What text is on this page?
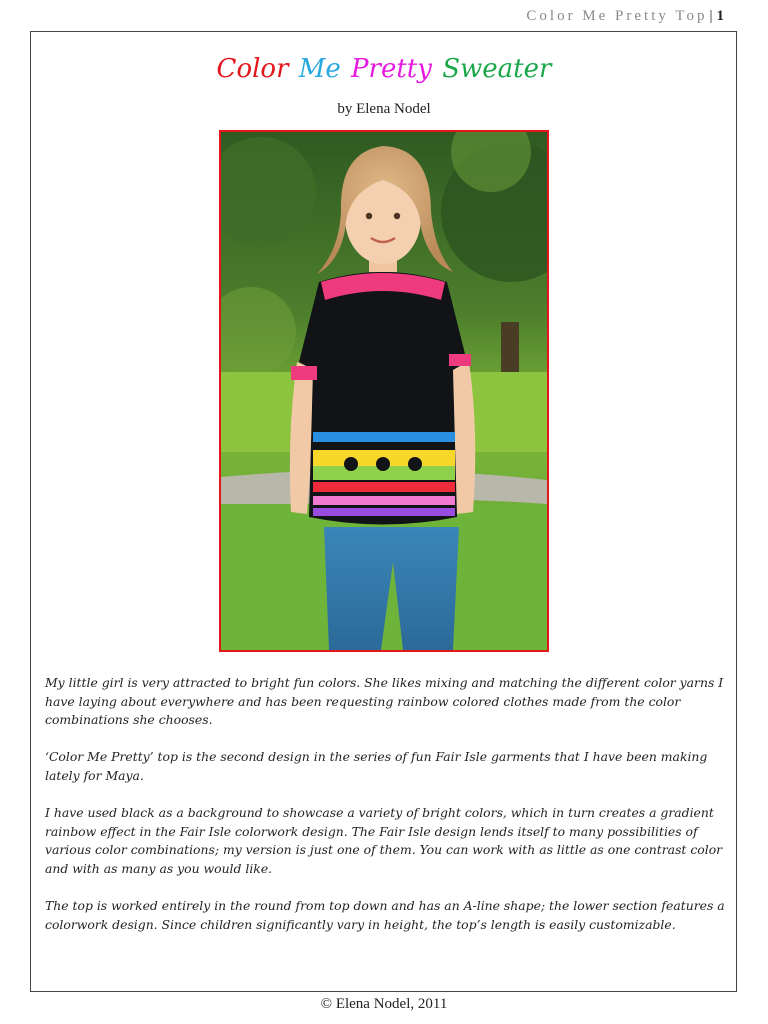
Color Me Pretty Top | 1
Color Me Pretty Sweater
by Elena Nodel

My little girl is very attracted to bright fun colors. She likes mixing and matching the different color yarns I have laying about everywhere and has been requesting rainbow colored clothes made from the color combinations she chooses.

‘Color Me Pretty’ top is the second design in the series of fun Fair Isle garments that I have been making lately for Maya.

I have used black as a background to showcase a variety of bright colors, which in turn creates a gradient rainbow effect in the Fair Isle colorwork design. The Fair Isle design lends itself to many possibilities of various color combinations; my version is just one of them. You can work with as little as one contrast color and with as many as you would like.

The top is worked entirely in the round from top down and has an A-line shape; the lower section features a colorwork design. Since children significantly vary in height, the top’s length is easily customizable.

© Elena Nodel, 2011
